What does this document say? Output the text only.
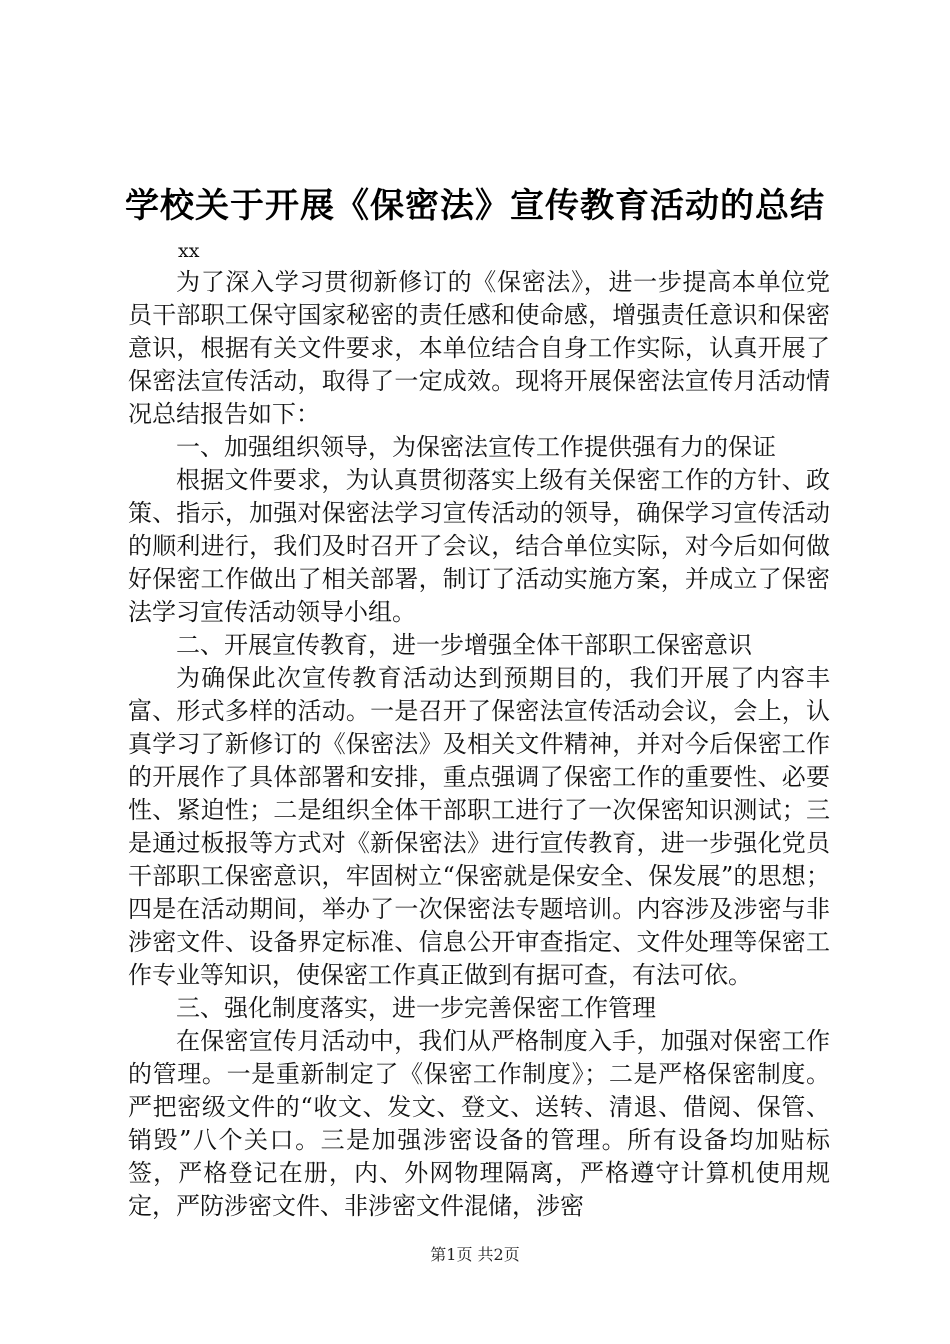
学校关于开展《保密法》宣传教育活动的总结

xx

为了深入学习贯彻新修订的《保密法》，进一步提高本单位党员干部职工保守国家秘密的责任感和使命感，增强责任意识和保密意识，根据有关文件要求，本单位结合自身工作实际，认真开展了保密法宣传活动，取得了一定成效。现将开展保密法宣传月活动情况总结报告如下：

一、加强组织领导，为保密法宣传工作提供强有力的保证

根据文件要求，为认真贯彻落实上级有关保密工作的方针、政策、指示，加强对保密法学习宣传活动的领导，确保学习宣传活动的顺利进行，我们及时召开了会议，结合单位实际，对今后如何做好保密工作做出了相关部署，制订了活动实施方案，并成立了保密法学习宣传活动领导小组。

二、开展宣传教育，进一步增强全体干部职工保密意识

为确保此次宣传教育活动达到预期目的，我们开展了内容丰富、形式多样的活动。一是召开了保密法宣传活动会议，会上，认真学习了新修订的《保密法》及相关文件精神，并对今后保密工作的开展作了具体部署和安排，重点强调了保密工作的重要性、必要性、紧迫性；二是组织全体干部职工进行了一次保密知识测试；三是通过板报等方式对《新保密法》进行宣传教育，进一步强化党员干部职工保密意识，牢固树立“保密就是保安全、保发展”的思想；四是在活动期间，举办了一次保密法专题培训。内容涉及涉密与非涉密文件、设备界定标准、信息公开审查指定、文件处理等保密工作专业等知识，使保密工作真正做到有据可查，有法可依。

三、强化制度落实，进一步完善保密工作管理

在保密宣传月活动中，我们从严格制度入手，加强对保密工作的管理。一是重新制定了《保密工作制度》；二是严格保密制度。严把密级文件的“收文、发文、登文、送转、清退、借阅、保管、销毁”八个关口。三是加强涉密设备的管理。所有设备均加贴标签，严格登记在册，内、外网物理隔离，严格遵守计算机使用规定，严防涉密文件、非涉密文件混储，涉密

第1页 共2页
